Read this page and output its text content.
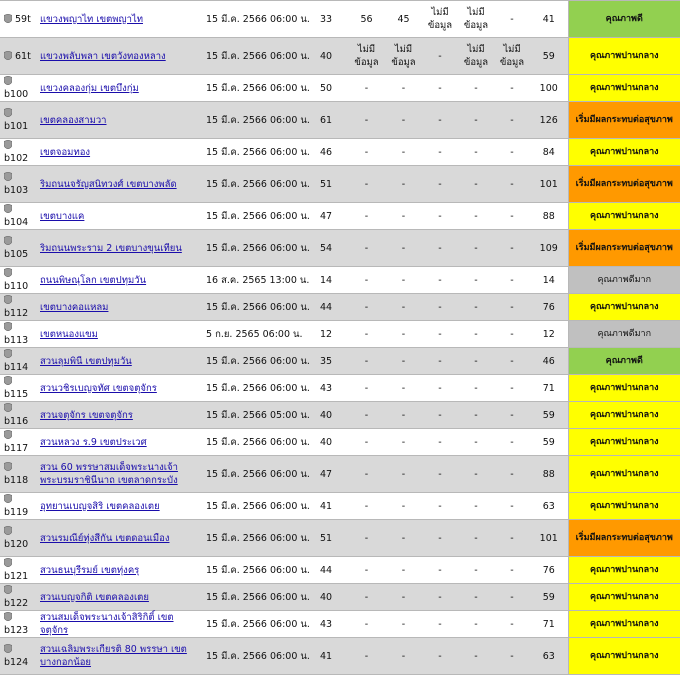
59t	แขวงพญาไท เขตพญาไท	15 มี.ค. 2566 06:00 น.	33	56	45	ไม่มีข้อมูล	ไม่มีข้อมูล	-	41	คุณภาพดี
61t	แขวงพลับพลา เขตวังทองหลาง	15 มี.ค. 2566 06:00 น.	40	ไม่มีข้อมูล	ไม่มีข้อมูล	-	ไม่มีข้อมูล	ไม่มีข้อมูล	59	คุณภาพปานกลาง
b100	แขวงคลองกุ่ม เขตบึงกุ่ม	15 มี.ค. 2566 06:00 น.	50	-	-	-	-	-	100	คุณภาพปานกลาง
b101	เขตคลองสามวา	15 มี.ค. 2566 06:00 น.	61	-	-	-	-	-	126	เริ่มมีผลกระทบต่อสุขภาพ
b102	เขตจอมทอง	15 มี.ค. 2566 06:00 น.	46	-	-	-	-	-	84	คุณภาพปานกลาง
b103	ริมถนนจรัญสนิทวงศ์ เขตบางพลัด	15 มี.ค. 2566 06:00 น.	51	-	-	-	-	-	101	เริ่มมีผลกระทบต่อสุขภาพ
b104	เขตบางแค	15 มี.ค. 2566 06:00 น.	47	-	-	-	-	-	88	คุณภาพปานกลาง
b105	ริมถนนพระราม 2 เขตบางขุนเทียน	15 มี.ค. 2566 06:00 น.	54	-	-	-	-	-	109	เริ่มมีผลกระทบต่อสุขภาพ
b110	ถนนพิษณุโลก เขตปทุมวัน	16 ส.ค. 2565 13:00 น.	14	-	-	-	-	-	14	คุณภาพดีมาก
b112	เขตบางคอแหลม	15 มี.ค. 2566 06:00 น.	44	-	-	-	-	-	76	คุณภาพปานกลาง
b113	เขตหนองแขม	5 ก.ย. 2565 06:00 น.	12	-	-	-	-	-	12	คุณภาพดีมาก
b114	สวนลุมพินี เขตปทุมวัน	15 มี.ค. 2566 06:00 น.	35	-	-	-	-	-	46	คุณภาพดี
b115	สวนวชิรเบญจทัศ เขตจตุจักร	15 มี.ค. 2566 06:00 น.	43	-	-	-	-	-	71	คุณภาพปานกลาง
b116	สวนจตุจักร เขตจตุจักร	15 มี.ค. 2566 05:00 น.	40	-	-	-	-	-	59	คุณภาพปานกลาง
b117	สวนหลวง ร.9 เขตประเวศ	15 มี.ค. 2566 06:00 น.	40	-	-	-	-	-	59	คุณภาพปานกลาง
b118	สวน 60 พรรษาสมเด็จพระนางเจ้าพระบรมราชินีนาถ เขตลาดกระบัง	15 มี.ค. 2566 06:00 น.	47	-	-	-	-	-	88	คุณภาพปานกลาง
b119	อุทยานเบญจสิริ เขตคลองเตย	15 มี.ค. 2566 06:00 น.	41	-	-	-	-	-	63	คุณภาพปานกลาง
b120	สวนรมณีย์ทุ่งสีกัน เขตดอนเมือง	15 มี.ค. 2566 06:00 น.	51	-	-	-	-	-	101	เริ่มมีผลกระทบต่อสุขภาพ
b121	สวนธนบุรีรมย์ เขตทุ่งครุ	15 มี.ค. 2566 06:00 น.	44	-	-	-	-	-	76	คุณภาพปานกลาง
b122	สวนเบญจกิติ เขตคลองเตย	15 มี.ค. 2566 06:00 น.	40	-	-	-	-	-	59	คุณภาพปานกลาง
b123	สวนสมเด็จพระนางเจ้าสิริกิติ์ เขตจตุจักร	15 มี.ค. 2566 06:00 น.	43	-	-	-	-	-	71	คุณภาพปานกลาง
b124	สวนเฉลิมพระเกียรติ 80 พรรษา เขตบางกอกน้อย	15 มี.ค. 2566 06:00 น.	41	-	-	-	-	-	63	คุณภาพปานกลาง
